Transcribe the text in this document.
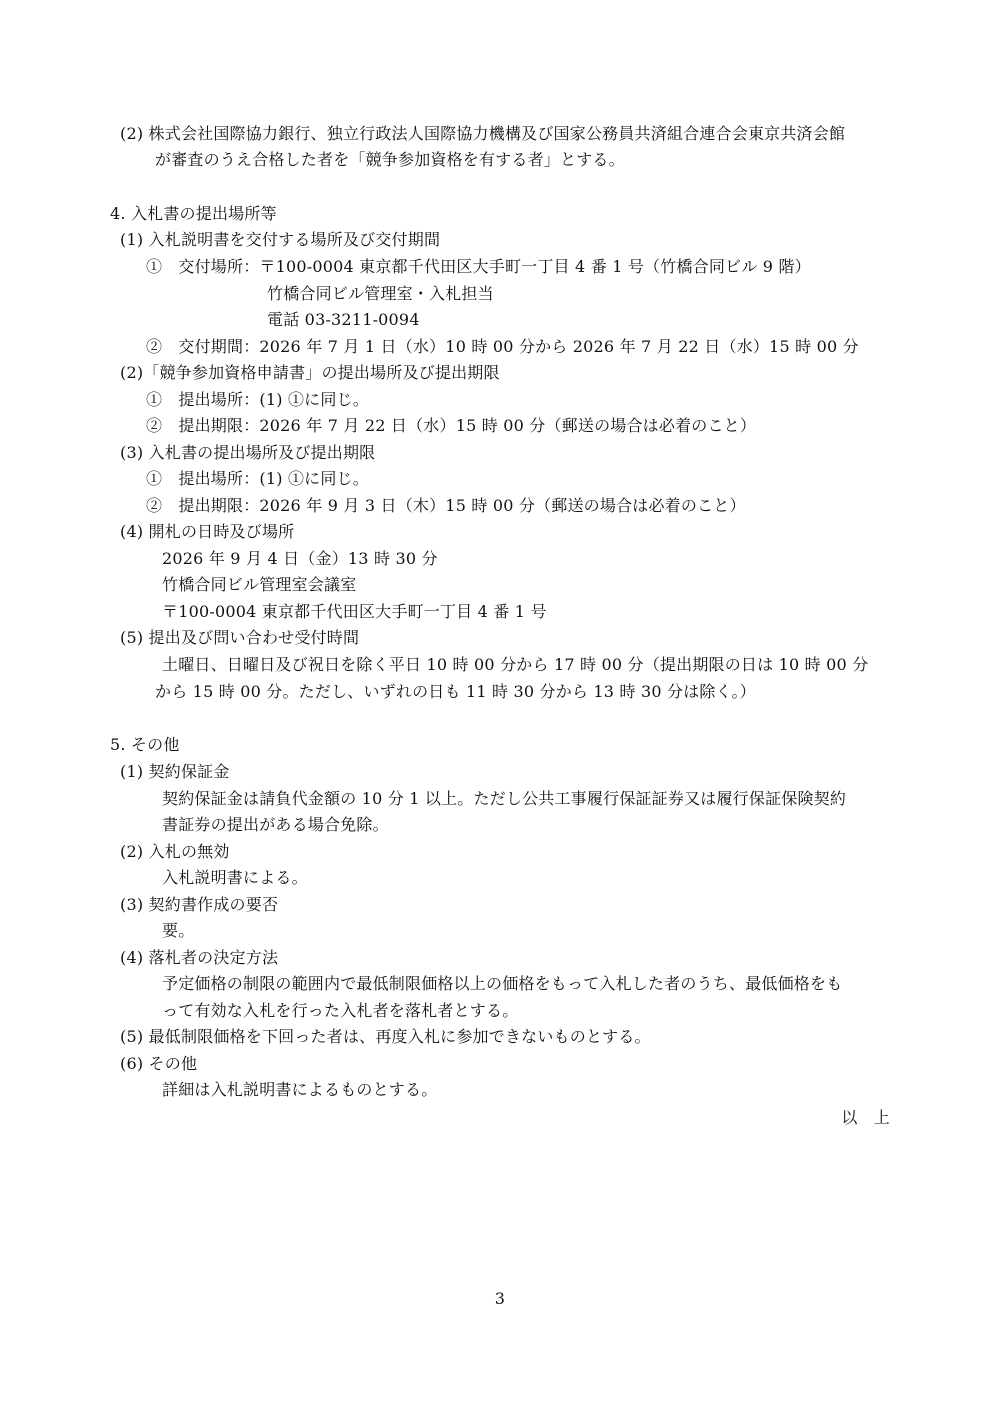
(2) 株式会社国際協力銀行、独立行政法人国際協力機構及び国家公務員共済組合連合会東京共済会館
が審査のうえ合格した者を「競争参加資格を有する者」とする。
4. 入札書の提出場所等
(1) 入札説明書を交付する場所及び交付期間
①　交付場所：〒100-0004 東京都千代田区大手町一丁目 4 番 1 号（竹橋合同ビル 9 階）
竹橋合同ビル管理室・入札担当
電話 03-3211-0094
②　交付期間：2026 年 7 月 1 日（水）10 時 00 分から 2026 年 7 月 22 日（水）15 時 00 分
(2)「競争参加資格申請書」の提出場所及び提出期限
①　提出場所：(1) ①に同じ。
②　提出期限：2026 年 7 月 22 日（水）15 時 00 分（郵送の場合は必着のこと）
(3) 入札書の提出場所及び提出期限
①　提出場所：(1) ①に同じ。
②　提出期限：2026 年 9 月 3 日（木）15 時 00 分（郵送の場合は必着のこと）
(4) 開札の日時及び場所
2026 年 9 月 4 日（金）13 時 30 分
竹橋合同ビル管理室会議室
〒100-0004 東京都千代田区大手町一丁目 4 番 1 号
(5) 提出及び問い合わせ受付時間
土曜日、日曜日及び祝日を除く平日 10 時 00 分から 17 時 00 分（提出期限の日は 10 時 00 分
から 15 時 00 分。ただし、いずれの日も 11 時 30 分から 13 時 30 分は除く。）
5. その他
(1) 契約保証金
契約保証金は請負代金額の 10 分 1 以上。ただし公共工事履行保証証券又は履行保証保険契約
書証券の提出がある場合免除。
(2) 入札の無効
入札説明書による。
(3) 契約書作成の要否
要。
(4) 落札者の決定方法
予定価格の制限の範囲内で最低制限価格以上の価格をもって入札した者のうち、最低価格をも
って有効な入札を行った入札者を落札者とする。
(5) 最低制限価格を下回った者は、再度入札に参加できないものとする。
(6) その他
詳細は入札説明書によるものとする。
以　上
3
